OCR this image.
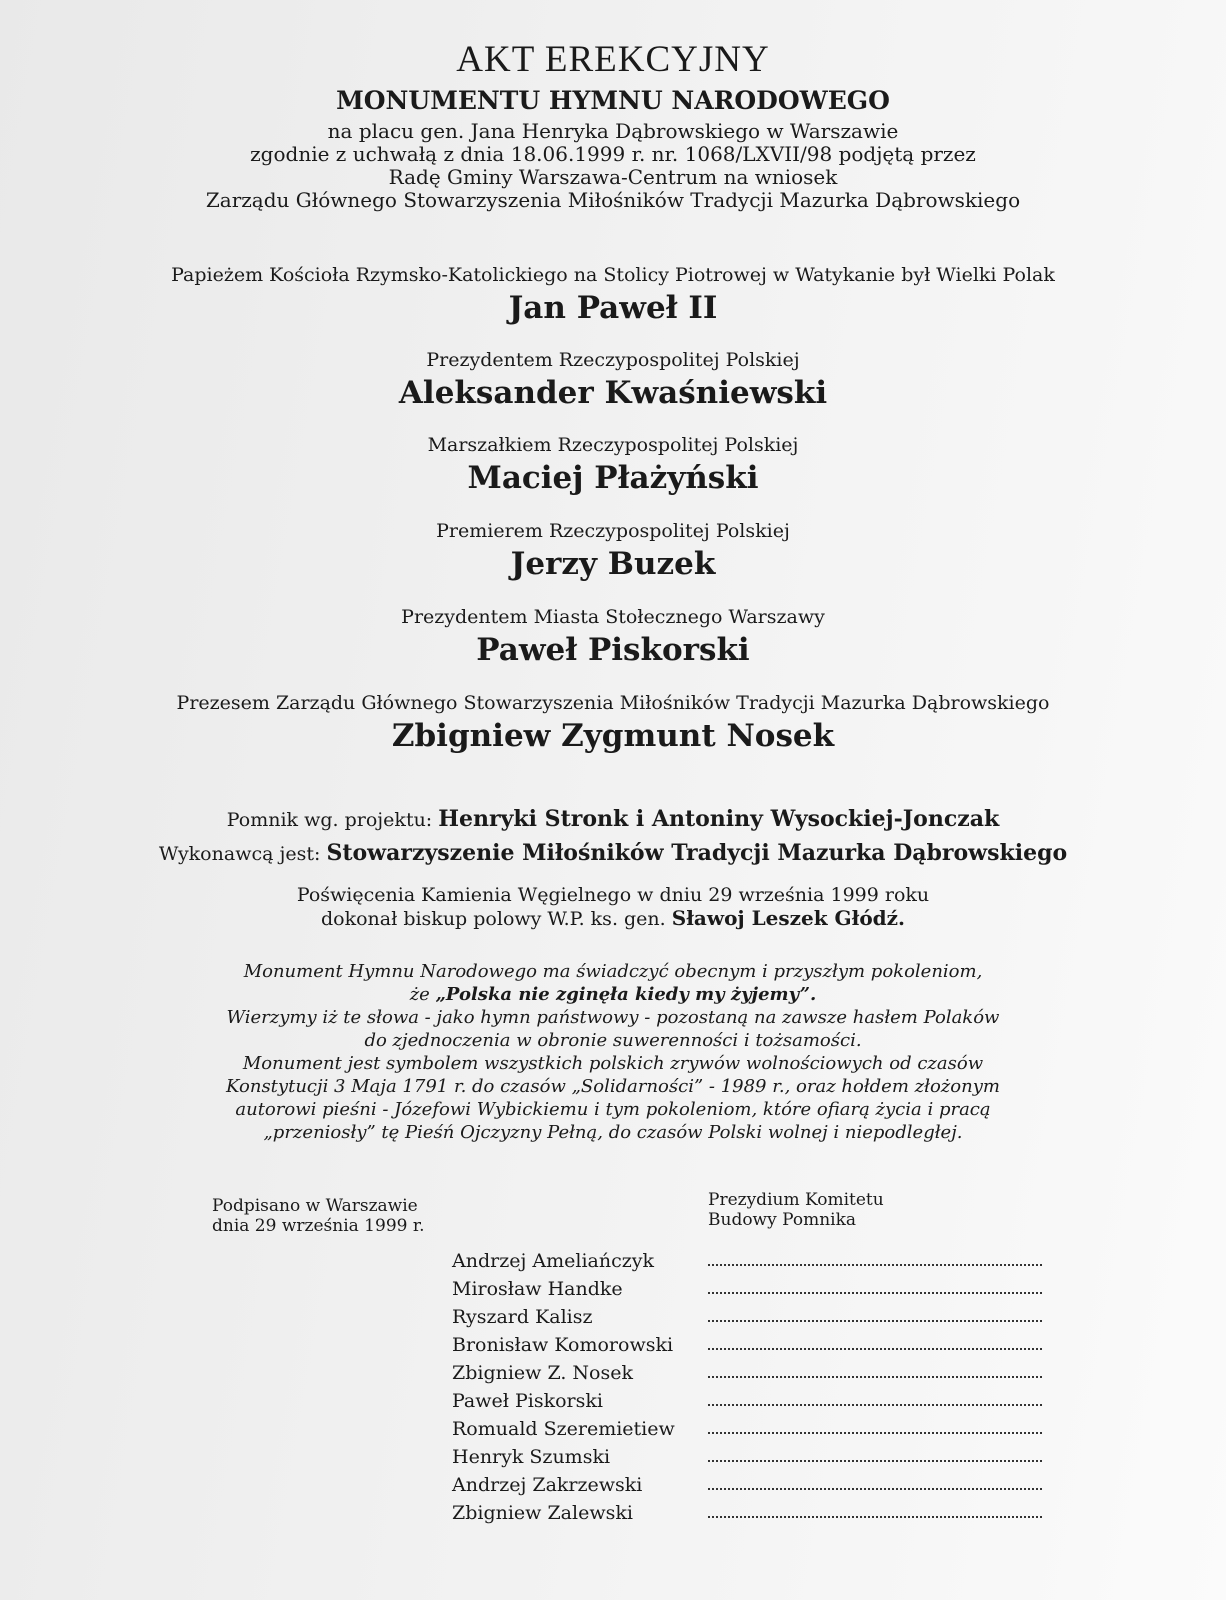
AKT EREKCYJNY
MONUMENTU HYMNU NARODOWEGO
na placu gen. Jana Henryka Dąbrowskiego w Warszawie
zgodnie z uchwałą z dnia 18.06.1999 r. nr. 1068/LXVII/98 podjętą przez
Radę Gminy Warszawa-Centrum na wniosek
Zarządu Głównego Stowarzyszenia Miłośników Tradycji Mazurka Dąbrowskiego
Papieżem Kościoła Rzymsko-Katolickiego na Stolicy Piotrowej w Watykanie był Wielki Polak
Jan Paweł II
Prezydentem Rzeczypospolitej Polskiej
Aleksander Kwaśniewski
Marszałkiem Rzeczypospolitej Polskiej
Maciej Płażyński
Premierem Rzeczypospolitej Polskiej
Jerzy Buzek
Prezydentem Miasta Stołecznego Warszawy
Paweł Piskorski
Prezesem Zarządu Głównego Stowarzyszenia Miłośników Tradycji Mazurka Dąbrowskiego
Zbigniew Zygmunt Nosek
Pomnik wg. projektu: Henryki Stronk i Antoniny Wysockiej-Jonczak
Wykonawcą jest: Stowarzyszenie Miłośników Tradycji Mazurka Dąbrowskiego
Poświęcenia Kamienia Węgielnego w dniu 29 września 1999 roku
dokonał biskup polowy W.P. ks. gen. Sławoj Leszek Głódź.
Monument Hymnu Narodowego ma świadczyć obecnym i przyszłym pokoleniom,
że „Polska nie zginęła kiedy my żyjemy”.
Wierzymy iż te słowa - jako hymn państwowy - pozostaną na zawsze hasłem Polaków
do zjednoczenia w obronie suwerenności i tożsamości.
Monument jest symbolem wszystkich polskich zrywów wolnościowych od czasów
Konstytucji 3 Maja 1791 r. do czasów „Solidarności” - 1989 r., oraz hołdem złożonym
autorowi pieśni - Józefowi Wybickiemu i tym pokoleniom, które ofiarą życia i pracą
„przeniosły” tę Pieśń Ojczyzny Pełną, do czasów Polski wolnej i niepodległej.
Podpisano w Warszawie
dnia 29 września 1999 r.
Prezydium Komitetu
Budowy Pomnika
Andrzej Ameliańczyk
Mirosław Handke
Ryszard Kalisz
Bronisław Komorowski
Zbigniew Z. Nosek
Paweł Piskorski
Romuald Szeremietiew
Henryk Szumski
Andrzej Zakrzewski
Zbigniew Zalewski
